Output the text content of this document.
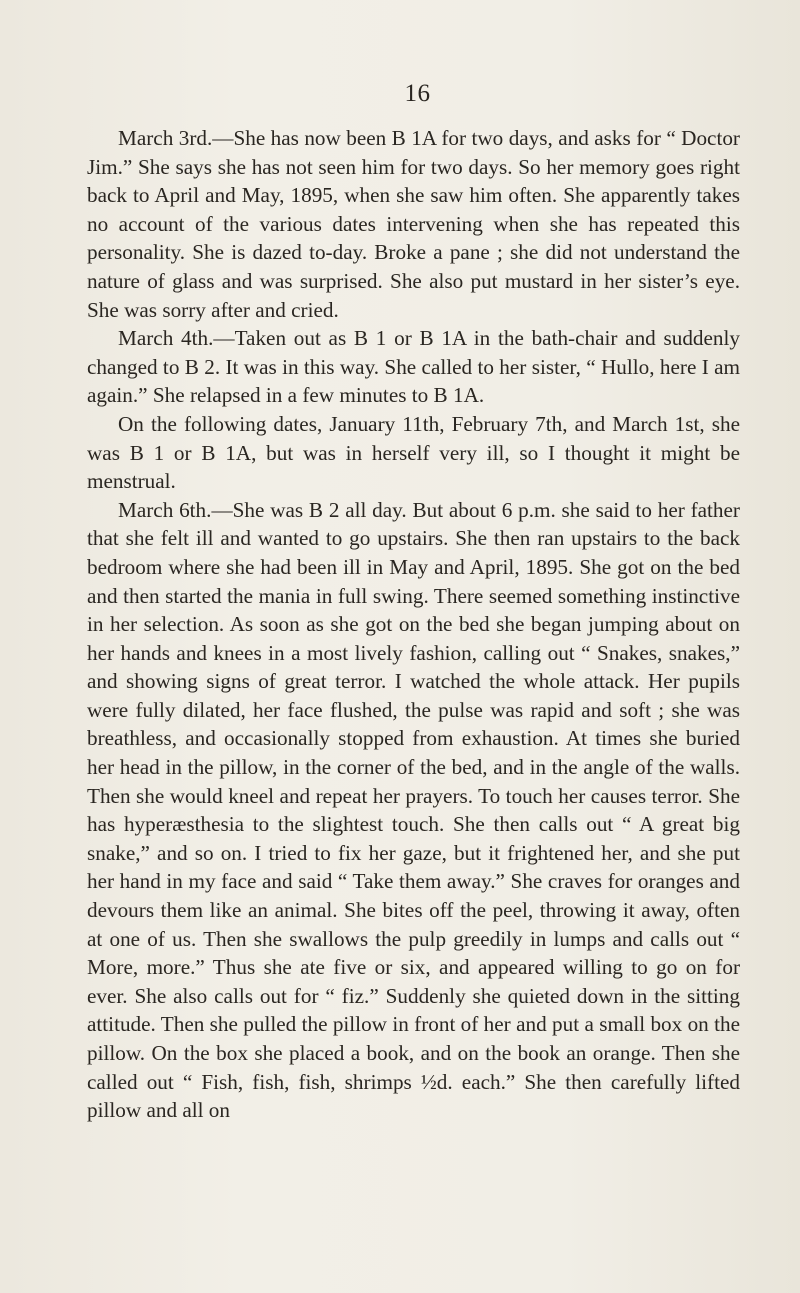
16

March 3rd.—She has now been B 1A for two days, and asks for “ Doctor Jim.” She says she has not seen him for two days. So her memory goes right back to April and May, 1895, when she saw him often. She apparently takes no account of the various dates intervening when she has repeated this personality. She is dazed to-day. Broke a pane ; she did not understand the nature of glass and was surprised. She also put mustard in her sister’s eye. She was sorry after and cried.

March 4th.—Taken out as B 1 or B 1A in the bath-chair and suddenly changed to B 2. It was in this way. She called to her sister, “ Hullo, here I am again.” She relapsed in a few minutes to B 1A.

On the following dates, January 11th, February 7th, and March 1st, she was B 1 or B 1A, but was in herself very ill, so I thought it might be menstrual.

March 6th.—She was B 2 all day. But about 6 p.m. she said to her father that she felt ill and wanted to go upstairs. She then ran upstairs to the back bedroom where she had been ill in May and April, 1895. She got on the bed and then started the mania in full swing. There seemed something instinctive in her selection. As soon as she got on the bed she began jumping about on her hands and knees in a most lively fashion, calling out “ Snakes, snakes,” and showing signs of great terror. I watched the whole attack. Her pupils were fully dilated, her face flushed, the pulse was rapid and soft ; she was breathless, and occasionally stopped from exhaustion. At times she buried her head in the pillow, in the corner of the bed, and in the angle of the walls. Then she would kneel and repeat her prayers. To touch her causes terror. She has hyperæsthesia to the slightest touch. She then calls out “ A great big snake,” and so on. I tried to fix her gaze, but it frightened her, and she put her hand in my face and said “ Take them away.” She craves for oranges and devours them like an animal. She bites off the peel, throwing it away, often at one of us. Then she swallows the pulp greedily in lumps and calls out “ More, more.” Thus she ate five or six, and appeared willing to go on for ever. She also calls out for “ fiz.” Suddenly she quieted down in the sitting attitude. Then she pulled the pillow in front of her and put a small box on the pillow. On the box she placed a book, and on the book an orange. Then she called out “ Fish, fish, fish, shrimps ½d. each.” She then carefully lifted pillow and all on
